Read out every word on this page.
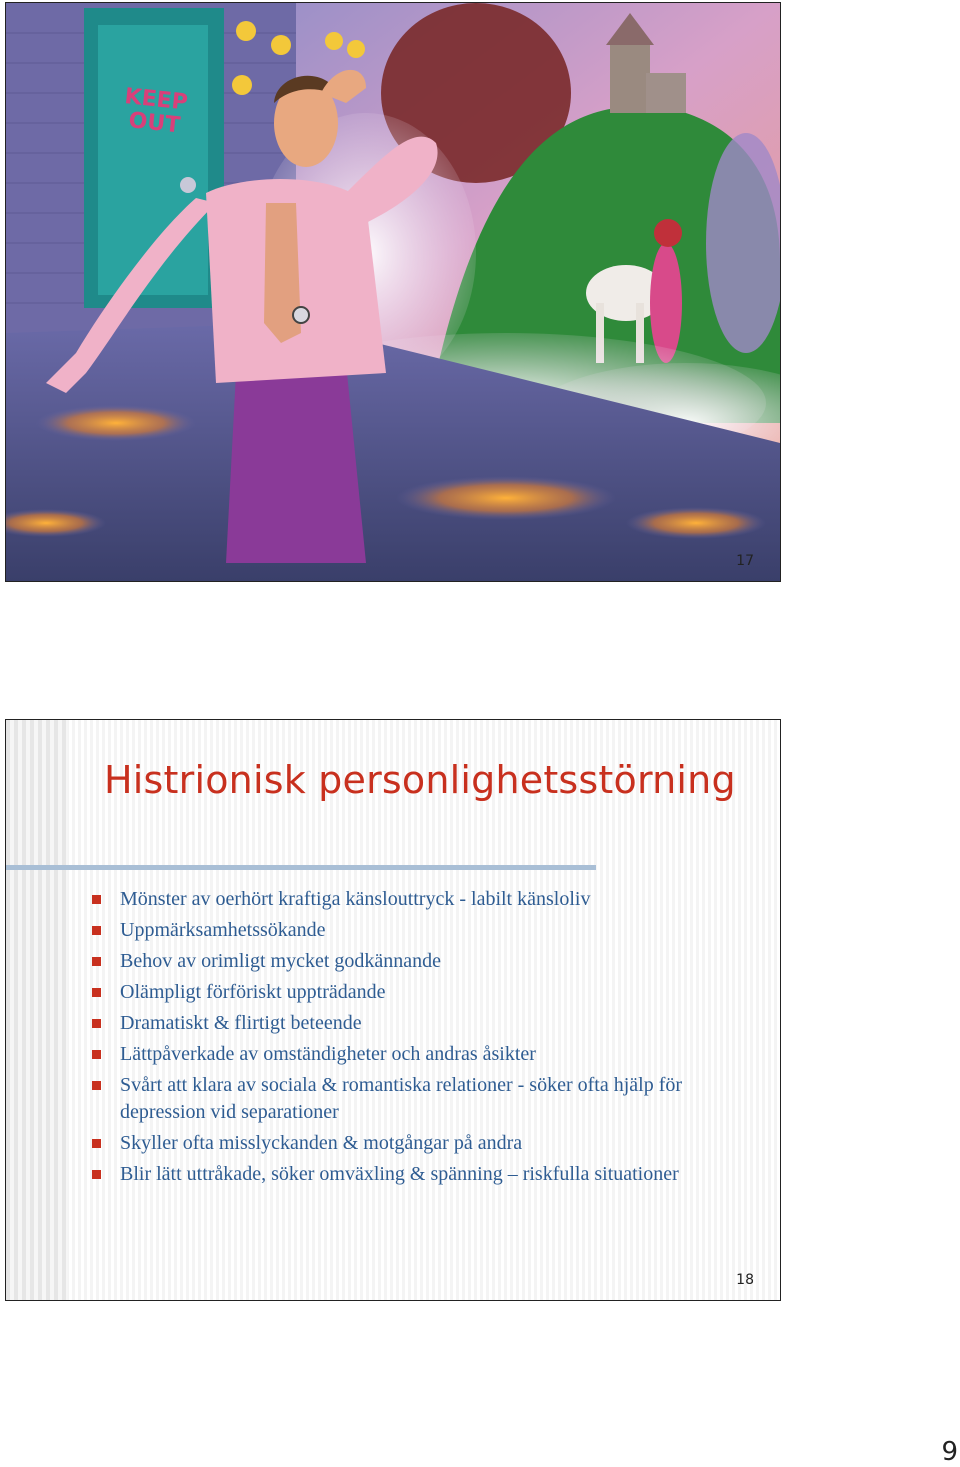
KEEP
OUT
17
Histrionisk personlighetsstörning
Mönster av oerhört kraftiga känslouttryck - labilt känsloliv
Uppmärksamhetssökande
Behov av orimligt mycket godkännande
Olämpligt förföriskt uppträdande
Dramatiskt & flirtigt beteende
Lättpåverkade av omständigheter och andras åsikter
Svårt att klara av sociala & romantiska relationer - söker ofta hjälp för depression vid separationer
Skyller ofta misslyckanden & motgångar på andra
Blir lätt uttråkade, söker omväxling & spänning – riskfulla situationer
18
9
